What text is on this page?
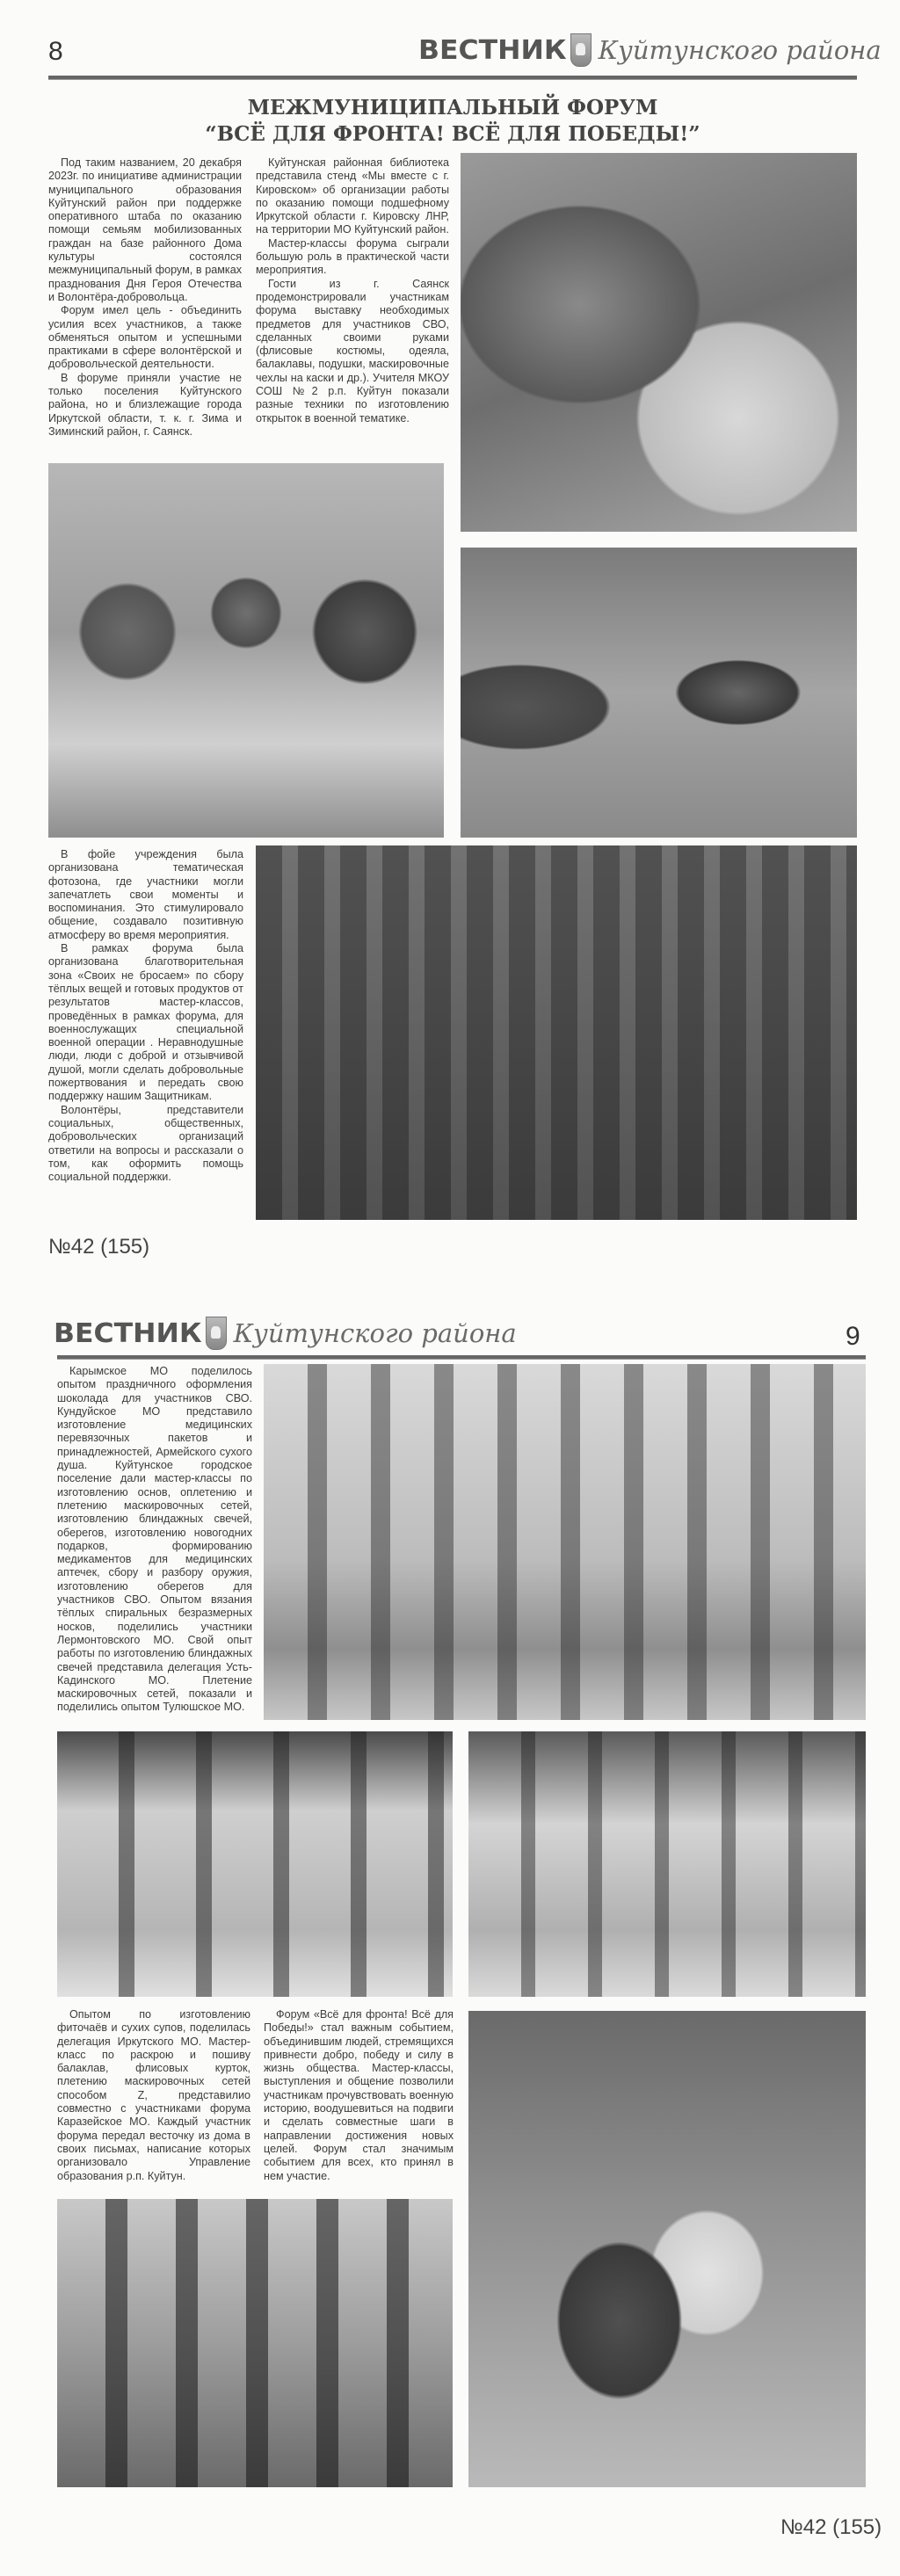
8	ВЕСТНИК Куйтунского района
МЕЖМУНИЦИПАЛЬНЫЙ ФОРУМ
“ВСЁ ДЛЯ ФРОНТА! ВСЁ ДЛЯ ПОБЕДЫ!”

Под таким названием, 20 декабря 2023г. по инициативе администрации муниципального образования Куйтунский район при поддержке оперативного штаба по оказанию помощи семьям мобилизованных граждан на базе районного Дома культуры состоялся межмуниципальный форум, в рамках празднования Дня Героя Отечества и Волонтёра-добровольца.

Форум имел цель - объединить усилия всех участников, а также обменяться опытом и успешными практиками в сфере волонтёрской и добровольческой деятельности.

В форуме приняли участие не только поселения Куйтунского района, но и близлежащие города Иркутской области, т. к. г. Зима и Зиминский район, г. Саянск.

Куйтунская районная библиотека представила стенд «Мы вместе с г. Кировском» об организации работы по оказанию помощи подшефному Иркутской области г. Кировску ЛНР, на территории МО Куйтунский район.

Мастер-классы форума сыграли большую роль в практической части мероприятия.

Гости из г. Саянск продемонстрировали участникам форума выставку необходимых предметов для участников СВО, сделанных своими руками (флисовые костюмы, одеяла, балаклавы, подушки, маскировочные чехлы на каски и др.). Учителя МКОУ СОШ №2 р.п. Куйтун показали разные техники по изготовлению открыток в военной тематике.

В фойе учреждения была организована тематическая фотозона, где участники могли запечатлеть свои моменты и воспоминания. Это стимулировало общение, создавало позитивную атмосферу во время мероприятия.

В рамках форума была организована благотворительная зона «Своих не бросаем» по сбору тёплых вещей и готовых продуктов от результатов мастер-классов, проведённых в рамках форума, для военнослужащих специальной военной операции . Неравнодушные люди, люди с доброй и отзывчивой душой, могли сделать добровольные пожертвования и передать свою поддержку нашим Защитникам.

Волонтёры, представители социальных, общественных, добровольческих организаций ответили на вопросы и рассказали о том, как оформить помощь социальной поддержки.

№42 (155)
ВЕСТНИК Куйтунского района	9

Карымское МО поделилось опытом праздничного оформления шоколада для участников СВО. Кундуйское МО представило изготовление медицинских перевязочных пакетов и принадлежностей, Армейского сухого душа. Куйтунское городское поселение дали мастер-классы по изготовлению основ, оплетению и плетению маскировочных сетей, изготовлению блиндажных свечей, оберегов, изготовлению новогодних подарков, формированию медикаментов для медицинских аптечек, сбору и разбору оружия, изготовлению оберегов для участников СВО. Опытом вязания тёплых спиральных безразмерных носков, поделились участники Лермонтовского МО. Свой опыт работы по изготовлению блиндажных свечей представила делегация Усть-Кадинского МО. Плетение маскировочных сетей, показали и поделились опытом Тулюшское МО.

Опытом по изготовлению фиточаёв и сухих супов, поделилась делегация Иркутского МО. Мастер-класс по раскрою и пошиву балаклав, флисовых курток, плетению маскировочных сетей способом Z, представилио совместно с участниками форума Каразейское МО. Каждый участник форума передал весточку из дома в своих письмах, написание которых организовало Управление образования р.п. Куйтун.

Форум «Всё для фронта! Всё для Победы!» стал важным событием, объединившим людей, стремящихся привнести добро, победу и силу в жизнь общества. Мастер-классы, выступления и общение позволили участникам прочувствовать военную историю, воодушевиться на подвиги и сделать совместные шаги в направлении достижения новых целей. Форум стал значимым событием для всех, кто принял в нем участие.

№42 (155)
